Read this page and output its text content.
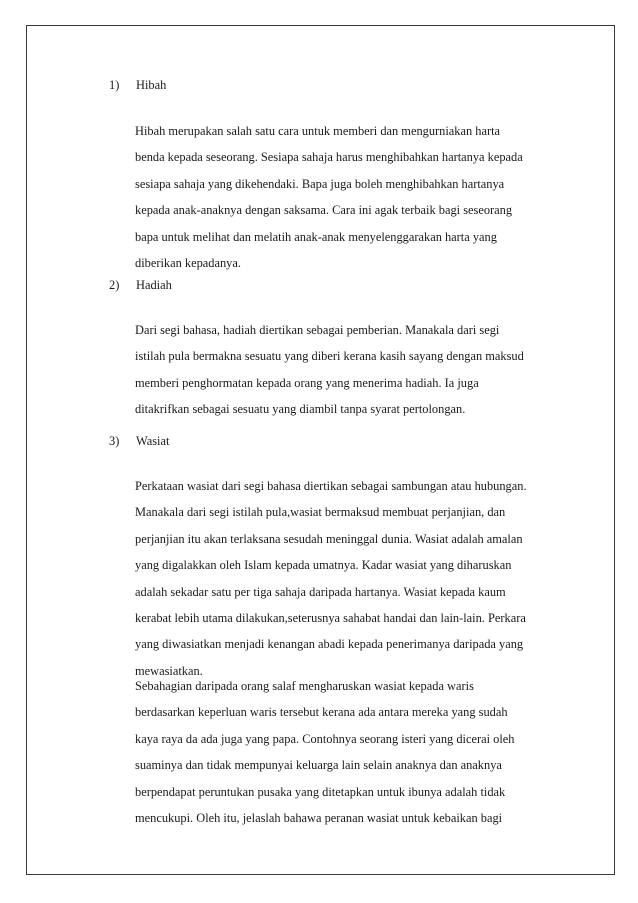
1) Hibah

Hibah merupakan salah satu cara untuk memberi dan mengurniakan harta
benda kepada seseorang. Sesiapa sahaja harus menghibahkan hartanya kepada
sesiapa sahaja yang dikehendaki. Bapa juga boleh menghibahkan hartanya
kepada anak-anaknya dengan saksama. Cara ini agak terbaik bagi seseorang
bapa untuk melihat dan melatih anak-anak menyelenggarakan harta yang
diberikan kepadanya.

2) Hadiah

Dari segi bahasa, hadiah diertikan sebagai pemberian. Manakala dari segi
istilah pula bermakna sesuatu yang diberi kerana kasih sayang dengan maksud
memberi penghormatan kepada orang yang menerima hadiah. Ia juga
ditakrifkan sebagai sesuatu yang diambil tanpa syarat pertolongan.

3) Wasiat

Perkataan wasiat dari segi bahasa diertikan sebagai sambungan atau hubungan.
Manakala dari segi istilah pula,wasiat bermaksud membuat perjanjian, dan
perjanjian itu akan terlaksana sesudah meninggal dunia. Wasiat adalah amalan
yang digalakkan oleh Islam kepada umatnya. Kadar wasiat yang diharuskan
adalah sekadar satu per tiga sahaja daripada hartanya. Wasiat kepada kaum
kerabat lebih utama dilakukan,seterusnya sahabat handai dan lain-lain. Perkara
yang diwasiatkan menjadi kenangan abadi kepada penerimanya daripada yang
mewasiatkan.

Sebahagian daripada orang salaf mengharuskan wasiat kepada waris
berdasarkan keperluan waris tersebut kerana ada antara mereka yang sudah
kaya raya da ada juga yang papa. Contohnya seorang isteri yang dicerai oleh
suaminya dan tidak mempunyai keluarga lain selain anaknya dan anaknya
berpendapat peruntukan pusaka yang ditetapkan untuk ibunya adalah tidak
mencukupi. Oleh itu, jelaslah bahawa peranan wasiat untuk kebaikan bagi
